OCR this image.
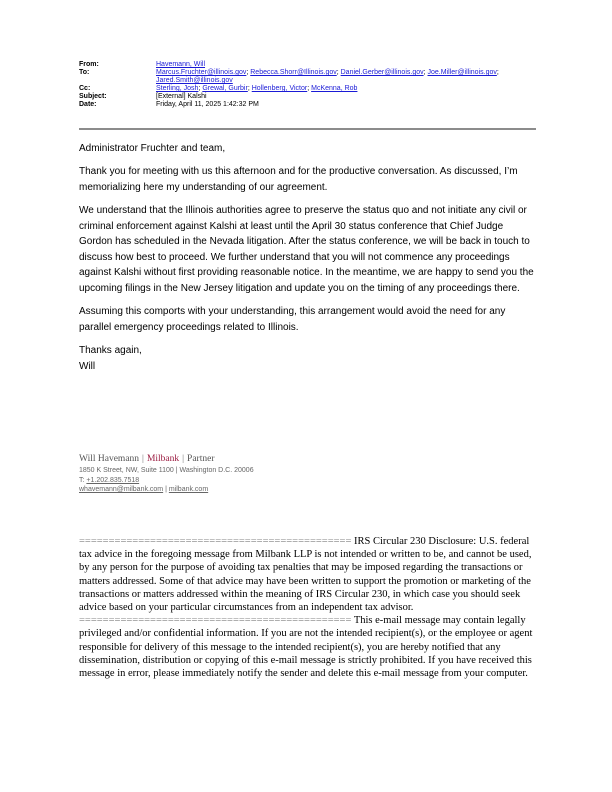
From:	Havemann, Will
To:	Marcus.Fruchter@illinois.gov; Rebecca.Shorr@Illinois.gov; Daniel.Gerber@illinois.gov; Joe.Miller@illinois.gov;
Jared.Smith@illinois.gov
Cc:	Sterling, Josh; Grewal, Gurbir; Hollenberg, Victor; McKenna, Rob
Subject:	[External] Kalshi
Date:	Friday, April 11, 2025 1:42:32 PM

Administrator Fruchter and team,

Thank you for meeting with us this afternoon and for the productive conversation. As discussed, I’m memorializing here my understanding of our agreement.

We understand that the Illinois authorities agree to preserve the status quo and not initiate any civil or criminal enforcement against Kalshi at least until the April 30 status conference that Chief Judge Gordon has scheduled in the Nevada litigation. After the status conference, we will be back in touch to discuss how best to proceed. We further understand that you will not commence any proceedings against Kalshi without first providing reasonable notice. In the meantime, we are happy to send you the upcoming filings in the New Jersey litigation and update you on the timing of any proceedings there.

Assuming this comports with your understanding, this arrangement would avoid the need for any parallel emergency proceedings related to Illinois.

Thanks again,
Will
Will Havemann | Milbank | Partner
1850 K Street, NW, Suite 1100 | Washington D.C. 20006
T: +1.202.835.7518
whavemann@milbank.com | milbank.com

============================================== IRS Circular 230 Disclosure: U.S. federal tax advice in the foregoing message from Milbank LLP is not intended or written to be, and cannot be used, by any person for the purpose of avoiding tax penalties that may be imposed regarding the transactions or matters addressed. Some of that advice may have been written to support the promotion or marketing of the transactions or matters addressed within the meaning of IRS Circular 230, in which case you should seek advice based on your particular circumstances from an independent tax advisor.

============================================== This e-mail message may contain legally privileged and/or confidential information. If you are not the intended recipient(s), or the employee or agent responsible for delivery of this message to the intended recipient(s), you are hereby notified that any dissemination, distribution or copying of this e-mail message is strictly prohibited. If you have received this message in error, please immediately notify the sender and delete this e-mail message from your computer.
